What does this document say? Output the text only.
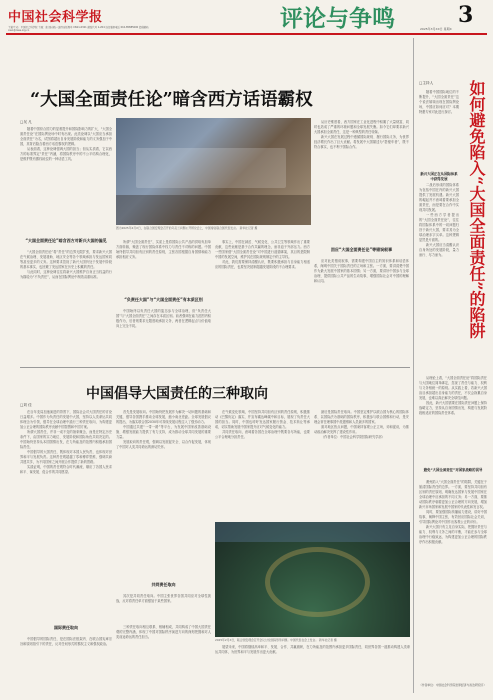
中国社会科学报
主管/主办：中国社会科学院 主编：张 国内统一连续出版物号 CN11-0321 邮发代号 1-204 读者服务电话 010-85885000 投稿邮箱 cssn@cass.org.cn	评论与争鸣	3
2025年3月XX日 星期X
“大国全面责任论”暗含西方话语霸权
□吴 凡

随着中国综合国力的显著提升和国际影响力的扩大，“大国全面责任论”在国际舆论场中时有出现。此类论调以“大国应当承担全面责任”为名，试图将超出自身发展阶段和能力的义务强加于中国，其背后隐含着西方话语霸权的逻辑。

从表面看，这种论调强调大国的担当；但从实质看，它以西方的标准界定“责任”内涵，将国际秩序中的不公平结构合理化，是维护既有霸权地位的一种话语工具。

“大国全面责任论”暗含西方对新兴大国的偏见

“大国全面责任论”将“责任”的边界无限扩张，要求新兴大国在气候治理、发展援助、地区安全等各个领域承担与发达国家同等甚至更多的义务。这种要求忽视了新兴大国仍处于发展中阶段的基本事实，也回避了发达国家在历史上积累的责任。

与此同时，这种论调往往将新兴大国维护自身正当权益的行为描绘为“不负责任”，从而在国际舆论中制造双重标准。

图为2025年2月X日，在联合国安理会召开的乌克兰问题公开辩论会上，中国常驻联合国代表发言。 新华社记者 摄

所谓“大国全面责任”，实质上是将国际公共产品的供给负担单方面转嫁，掩盖了现行国际体系中权力与责任不对称的问题。中国始终倡导共同但有区别的责任原则，主张各国根据自身国情和能力承担相应义务。

“负责任大国”与“大国全面责任”有本质区别

中国始终以负责任大国的姿态参与全球治理，但“负责任大国”与“大国全面责任”之间存在本质区别。前者强调在能力范围内积极作为，后者则要求无限度地承担义务，两者在逻辑起点与价值取向上完全不同。

事实上，中国在减贫、气候变化、公共卫生等领域作出了重要贡献，这些贡献是基于合作共赢的理念，而非迫于外部压力。西方一些国家借“大国全面责任论”对中国进行道德绑架，其目的是限制中国的发展空间，维护其在国际规则制定中的主导权。

对此，我们需要保持清醒认识，既要积极承担与自身能力相适应的国际责任，也要坚决抵制超越发展阶段的不合理要求。

从历史维度看，西方国家在工业化进程中积累了大量财富，同时也造成了严重的环境问题和全球发展失衡。如今它们却要求新兴大国承担全面责任，这是一种典型的责任转嫁。

新兴大国在发展过程中遵循国际规则、履行国际义务，为世界经济增长作出了巨大贡献。将发展中大国描述为“搭便车者”，既不符合事实，也不利于国际合作。

回应“大国全面责任论”等错误叙事

应对此类错误叙事，需要构建中国自主的知识体系和话语体系，阐明中国关于国际责任的立场和主张。一方面，要讲清楚中国作为最大发展中国家的基本国情；另一方面，要讲好中国参与全球治理、提供国际公共产品的生动故事，增强国际社会对中国的理解和认同。

中国倡导大国责任的三种取向
□刘 佳

在百年变局加速演进的背景下，国际社会对大国责任的讨论日益增多。中国作为负责任的发展中大国，坚持以人类命运共同体理念为引领，倡导在全球治理中践行三种责任取向，为构建更加公正合理的国际秩序贡献中国智慧和中国方案。

所谓大国责任，并非一成不变的抽象概念，而是在特定历史条件下，由国家的实力地位、发展阶段和国际角色共同决定的。中国始终坚持从本国国情出发，在力所能及的范围内积极承担国际责任。

中国倡导的大国责任，既体现对本国人民负责，也体现对世界和平与发展负责。这种责任观超越了零和博弈思维，强调共商共建共享，为不同国家之间开展合作提供了新的思路。

实践证明，中国的责任观符合时代潮流，顺应了各国人民求和平、谋发展、促合作的共同愿望。

首先是发展取向。中国始终把发展作为解决一切问题的基础和关键，倡导各国携手推动全球发展，缩小南北差距。全球发展倡议的提出，为落实联合国2030年可持续发展议程注入了强劲动力。

中国通过共建“一带一路”等平台，为发展中国家改善基础设施、增强发展能力提供了有力支持，成为推动全球共同发展的重要力量。

发展取向的责任观，强调以发展促安全、以合作促发展，体现了中国对人类共同命运的深切关怀。

共同责任取向

其次是共同责任取向。中国主张世界各国共同应对全球性挑战，反对将责任单方面强加于某些国家。

在气候变化领域，中国坚持共同但有区别的责任原则，积极推动《巴黎协定》落实，并宣布碳达峰碳中和目标，展现了负责任大国的担当。同时，中国也呼吁发达国家履行资金、技术转让等承诺，切实帮助发展中国家提升应对气候变化的能力。

共同责任取向，意味着各国在全球治理中既要各尽所能，也要公平合理地分担责任。

最后是国际责任取向。中国坚定维护以联合国为核心的国际体系、以国际法为基础的国际秩序，积极参与联合国维和行动，是安理会常任理事国中派遣维和人员最多的国家。

面对地区热点问题，中国秉持客观公正立场，劝和促谈，为推动政治解决发挥了建设性作用。

（作者单位：中国社会科学院国际研究学部）

2025年2月X日，联合国安理会召开会议讨论国际形势问题。中国代表在会上发言。 新华社记者 摄
国际责任取向

中国倡导的国际责任，是在国际法框架内、在联合国宪章宗旨和原则指引下的责任，反对任何形式的霸权主义和强权政治。

三种责任取向相互联系、相辅相成，共同构成了中国大国责任观的完整内涵，体现了中国对国际秩序演进方向的深刻把握和对人类前途命运的责任担当。

展望未来，中国将继续高举和平、发展、合作、共赢旗帜，在力所能及的范围内承担更多国际责任，同世界各国一道推动构建人类命运共同体，为世界和平与发展作出更大贡献。

□主持人

随着中国国际地位的不断提升，“大国全面责任”这个说法频频出现在国际舆论场，中国应如何应对？本期特邀专家对此进行探讨。 如何避免陷入“大国全面责任”的陷阱
新兴大国正在从国际体系中获得发展

二战后形成的国际体系为包括中国在内的新兴大国提供了发展机遇。新兴大国的崛起并不意味着要承担全面责任，而是要在合作中实现共同发展。

一些西方学者提出的“大国全面责任论”，往往将国际体系中的一切问题归咎于新兴大国，要求其为全球治理赤字买单。这种逻辑显然是片面的。

新兴大国应当清醒认识自身所处的发展阶段，量力而行、尽力而为。

从理论上看，“大国全面责任论”将国际责任与大国地位简单绑定，忽视了责任与能力、权利与义务相统一的原则。从实践上看，若新兴大国盲目承担超出自身能力的责任，不仅会拖累自身发展，也难以真正解决全球性问题。

因此，新兴大国需要在国际责任问题上保持战略定力，坚持从自身国情出发，构建与发展阶段相适应的国际责任体系。

避免“大国全面责任”对国家战略的误导

避免陷入“大国全面责任”的陷阱，关键在于厘清国际责任的边界。一方面，要坚持共同但有区别的责任原则，明确发达国家与发展中国家在全球治理中应承担的不同义务；另一方面，要推动国际秩序朝着更加公正合理的方向发展，增加新兴市场国家和发展中国家的代表性和发言权。

同时，要加强国际传播能力建设，讲好中国故事，阐释中国主张，有效回应国际社会关切，引导国际舆论对中国作出客观公正的评价。

新兴大国只有立足自身实际，把握好责任与能力、权利与义务之间的平衡，才能在参与全球治理中行稳致远，为构建更加公正合理的国际秩序作出积极贡献。

（作者单位：中国社会科学院世界经济与政治研究所）
